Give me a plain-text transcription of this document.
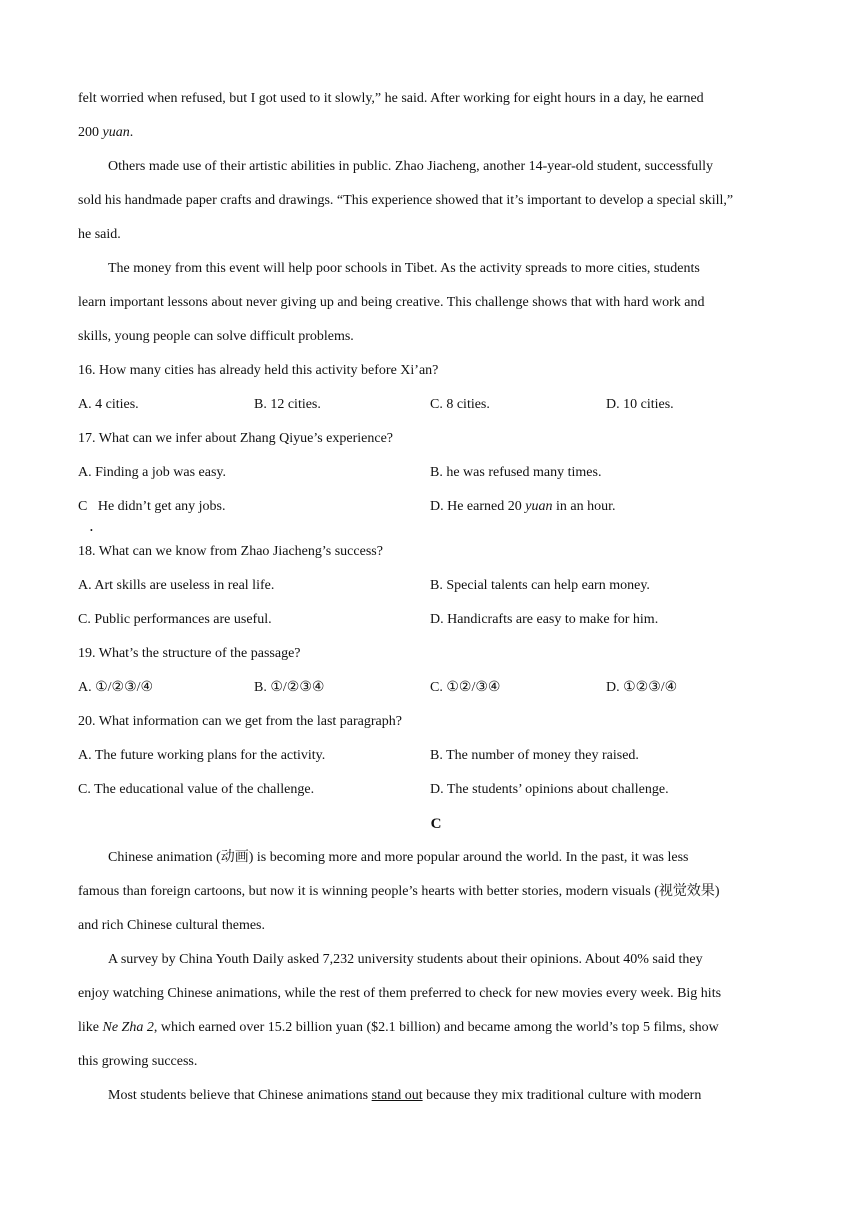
felt worried when refused, but I got used to it slowly,” he said. After working for eight hours in a day, he earned
200 yuan.
Others made use of their artistic abilities in public. Zhao Jiacheng, another 14-year-old student, successfully
sold his handmade paper crafts and drawings. “This experience showed that it’s important to develop a special skill,”
he said.
The money from this event will help poor schools in Tibet. As the activity spreads to more cities, students
learn important lessons about never giving up and being creative. This challenge shows that with hard work and
skills, young people can solve difficult problems.
16. How many cities has already held this activity before Xi’an?
A. 4 cities.	B. 12 cities.	C. 8 cities.	D. 10 cities.
17. What can we infer about Zhang Qiyue’s experience?
A. Finding a job was easy.	B. he was refused many times.
C   He didn’t get any jobs.	D. He earned 20 yuan in an hour.
•
18. What can we know from Zhao Jiacheng’s success?
A. Art skills are useless in real life.	B. Special talents can help earn money.
C. Public performances are useful.	D. Handicrafts are easy to make for him.
19. What’s the structure of the passage?
A. ①/②③/④	B. ①/②③④	C. ①②/③④	D. ①②③/④
20. What information can we get from the last paragraph?
A. The future working plans for the activity.	B. The number of money they raised.
C. The educational value of the challenge.	D. The students’ opinions about challenge.
C
Chinese animation (动画) is becoming more and more popular around the world. In the past, it was less
famous than foreign cartoons, but now it is winning people’s hearts with better stories, modern visuals (视觉效果)
and rich Chinese cultural themes.
A survey by China Youth Daily asked 7,232 university students about their opinions. About 40% said they
enjoy watching Chinese animations, while the rest of them preferred to check for new movies every week. Big hits
like Ne Zha 2, which earned over 15.2 billion yuan ($2.1 billion) and became among the world’s top 5 films, show
this growing success.
Most students believe that Chinese animations stand out because they mix traditional culture with modern
